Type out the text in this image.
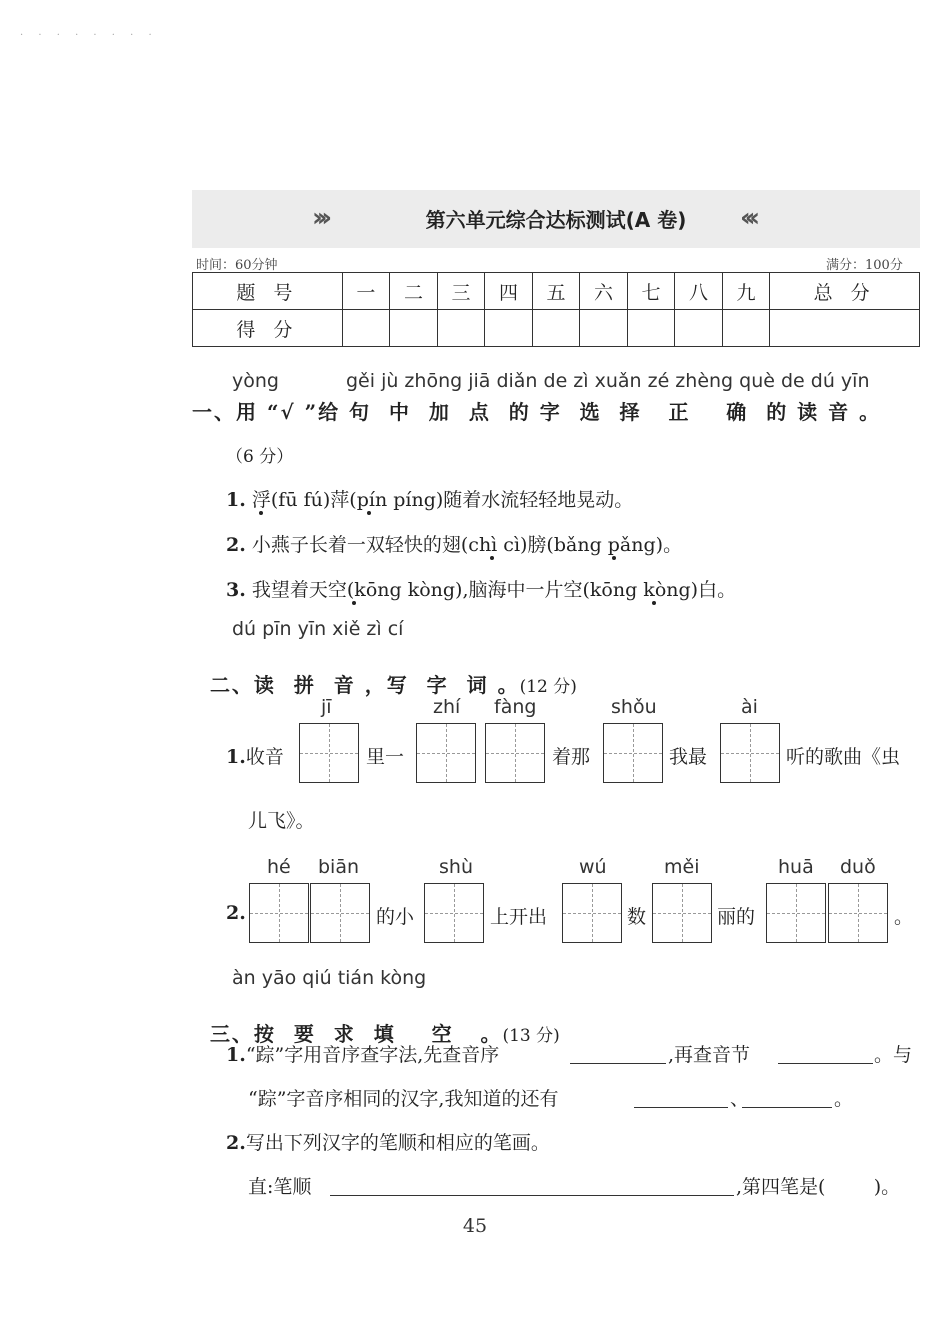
· · · · · · · ·
›››	‹‹‹
第六单元综合达标测试(A 卷)
时间：60分钟	满分：100分
题 号	一	二	三	四	五	六	七	八	九	总 分
得 分										
yòng	gěi jù zhōng jiā diǎn de zì xuǎn zé zhèng què de dú yīn
一、用 “√ ”给 句  中  加  点  的 字  选  择   正    确  的 读 音 。
（6 分）
1. 浮(fū fú)萍(pín píng)随着水流轻轻地晃动。
2. 小燕子长着一双轻快的翅(chì cì)膀(bǎng pǎng)。
3. 我望着天空(kōng kòng),脑海中一片空(kōng kòng)白。
dú pīn yīn xiě zì cí

二、读  拼  音 ，写  字  词 。(12 分)

jī	zhí fàng	shǒu	ài
1.收音	里一	着那	我最	听的歌曲《虫
儿飞》。
hé biān	shù	wú	měi	huā duǒ
2.	的小	上开出	数	丽的	。
àn yāo qiú tián kòng

三、按  要  求  填    空   。(13 分)

1.“踪”字用音序查字法,先查音序	,再查音节	。与
“踪”字音序相同的汉字,我知道的还有	、	。
2.写出下列汉字的笔顺和相应的笔画。
直:笔顺	,第四笔是(        )。
45
